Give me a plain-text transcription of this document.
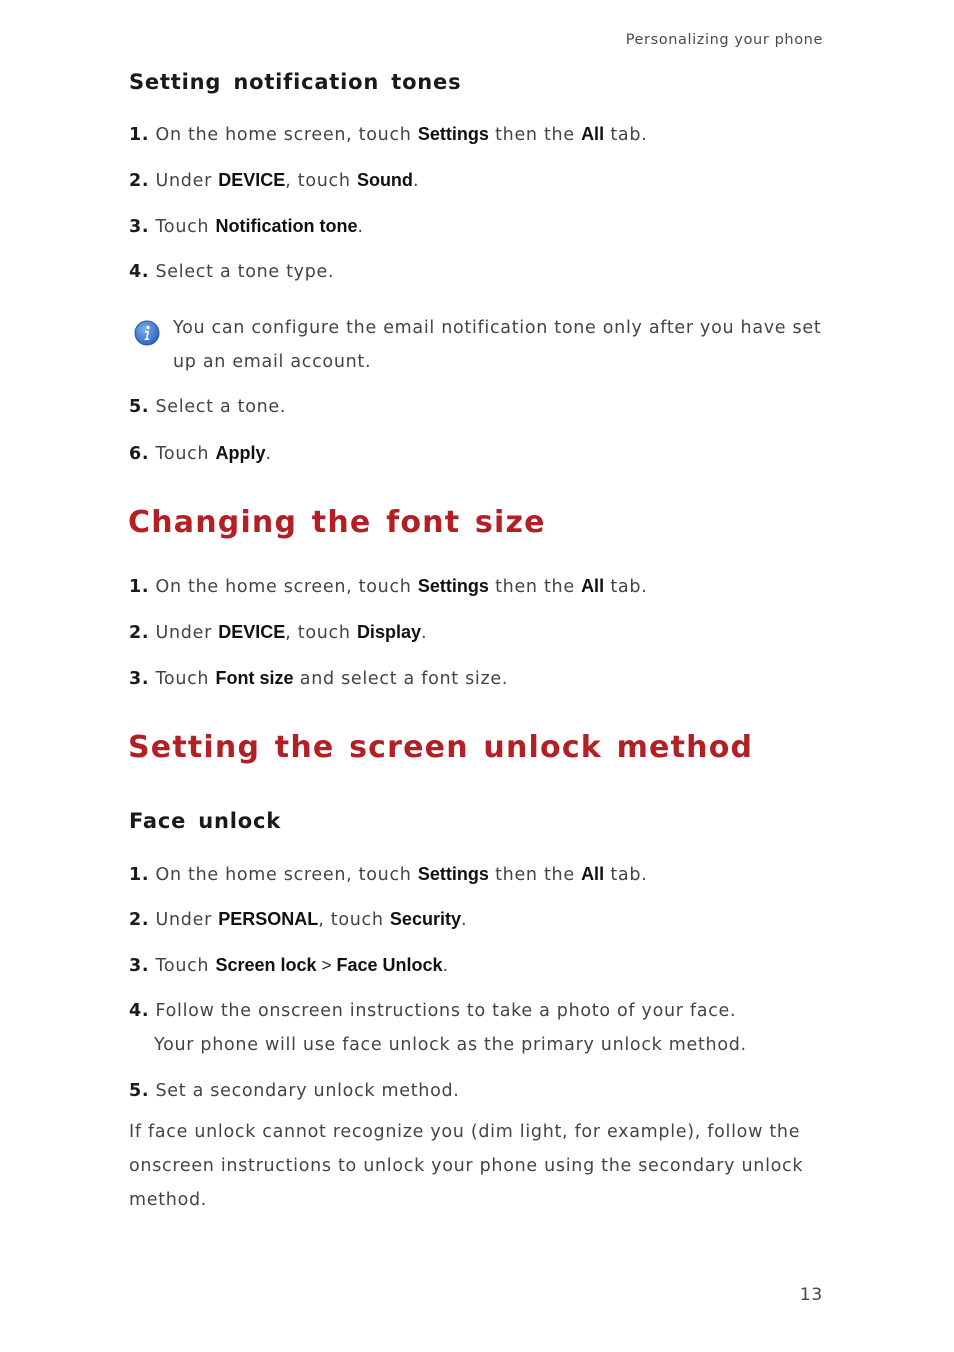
Personalizing your phone
Setting notification tones
1. On the home screen, touch Settings then the All tab.
2. Under DEVICE, touch Sound.
3. Touch Notification tone.
4. Select a tone type.
You can configure the email notification tone only after you have set up an email account.
5. Select a tone.
6. Touch Apply.
Changing the font size
1. On the home screen, touch Settings then the All tab.
2. Under DEVICE, touch Display.
3. Touch Font size and select a font size.
Setting the screen unlock method
Face unlock
1. On the home screen, touch Settings then the All tab.
2. Under PERSONAL, touch Security.
3. Touch Screen lock > Face Unlock.
4. Follow the onscreen instructions to take a photo of your face.
Your phone will use face unlock as the primary unlock method.
5. Set a secondary unlock method.
If face unlock cannot recognize you (dim light, for example), follow the onscreen instructions to unlock your phone using the secondary unlock method.
13
